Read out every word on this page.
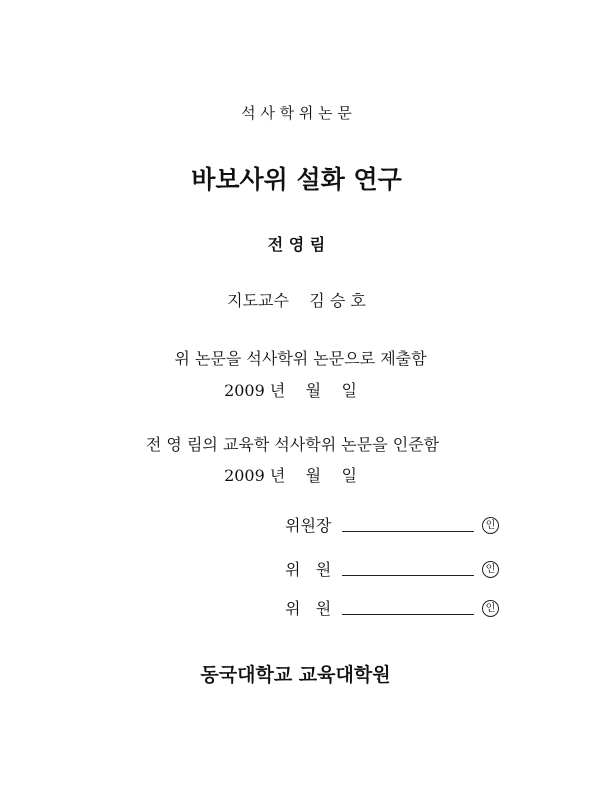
석 사 학 위 논 문
바보사위 설화 연구
전 영 림
지도교수    김 승 호
위 논문을 석사학위 논문으로 제출함
2009 년    월    일
전 영 림의 교육학 석사학위 논문을 인준함
2009 년    월    일
위원장	인
위   원	인
위   원	인
동국대학교 교육대학원
